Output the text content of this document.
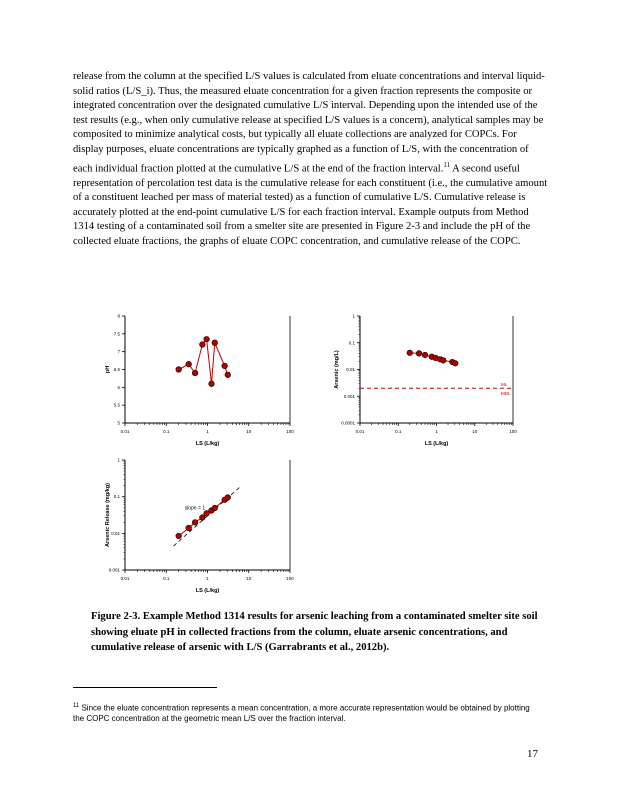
release from the column at the specified L/S values is calculated from eluate concentrations and interval liquid-solid ratios (L/S_i). Thus, the measured eluate concentration for a given fraction represents the composite or integrated concentration over the designated cumulative L/S interval. Depending upon the intended use of the test results (e.g., when only cumulative release at specified L/S values is a concern), analytical samples may be composited to minimize analytical costs, but typically all eluate collections are analyzed for COPCs. For display purposes, eluate concentrations are typically graphed as a function of L/S, with the concentration of each individual fraction plotted at the cumulative L/S at the end of the fraction interval.$^{11}$ A second useful representation of percolation test data is the cumulative release for each constituent (i.e., the cumulative amount of a constituent leached per mass of material tested) as a function of cumulative L/S. Cumulative release is accurately plotted at the end-point cumulative L/S for each fraction interval. Example outputs from Method 1314 testing of a contaminated soil from a smelter site are presented in Figure 2-3 and include the pH of the collected eluate fractions, the graphs of eluate COPC concentration, and cumulative release of the COPC.

0.01	0.1	1	10	100
5
5.5
6
6.5
7
7.5
8
LS (L/kg)
pH
0.01	0.1	1	10	100
0.0001
0.001
0.01
0.1
1
LS (L/kg)
Arsenic (mg/L)	ML
MDL
0.01	0.1	1	10	100
0.001
0.01
0.1
1
LS (L/kg)
Arsenic Release (mg/kg)	slope = 1

Figure 2-3. Example Method 1314 results for arsenic leaching from a contaminated smelter site soil showing eluate pH in collected fractions from the column, eluate arsenic concentrations, and cumulative release of arsenic with L/S (Garrabrants et al., 2012b).

$^{11}$ Since the eluate concentration represents a mean concentration, a more accurate representation would be obtained by plotting the COPC concentration at the geometric mean L/S over the fraction interval.

17
